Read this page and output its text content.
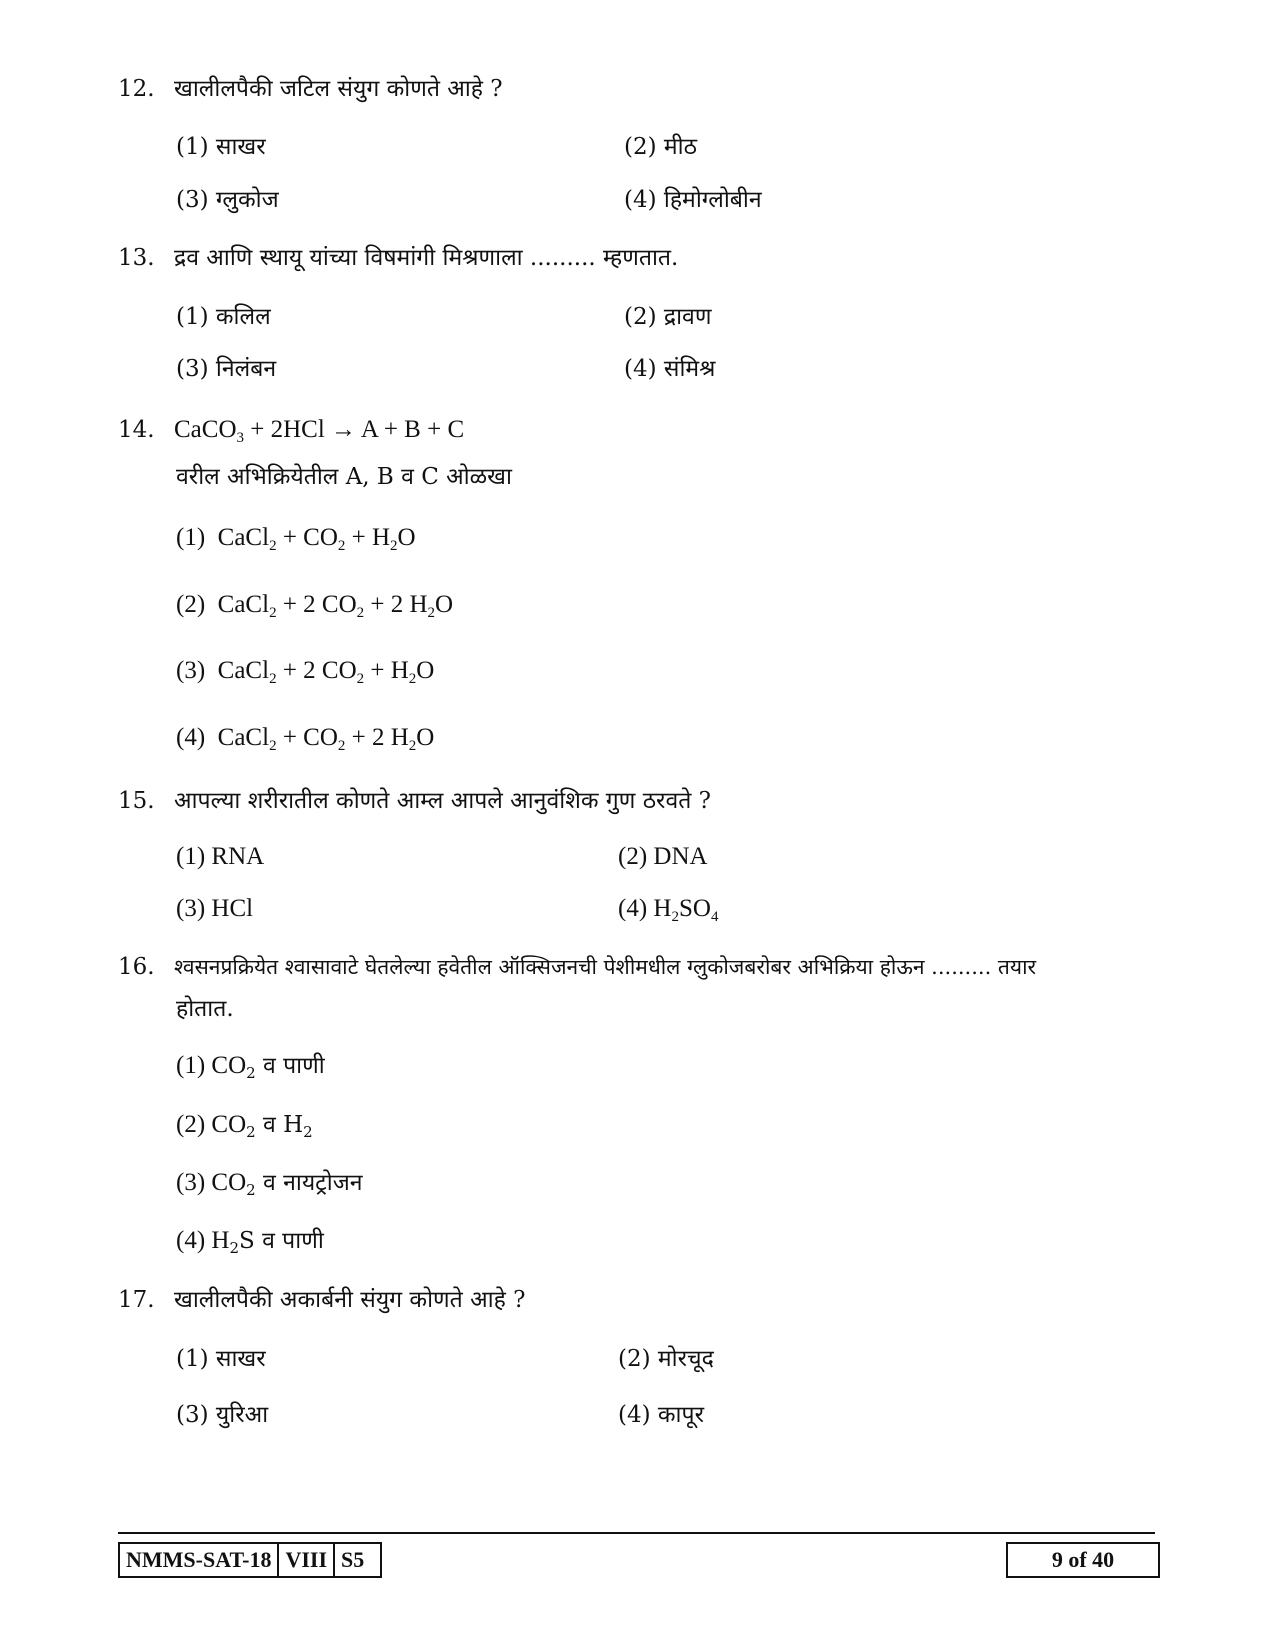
12. खालीलपैकी जटिल संयुग कोणते आहे ?
(1) साखर	(2) मीठ
(3) ग्लुकोज	(4) हिमोग्लोबीन
13. द्रव आणि स्थायू यांच्या विषमांगी मिश्रणाला ......... म्हणतात.
(1) कलिल	(2) द्रावण
(3) निलंबन	(4) संमिश्र
14. CaCO$_3$ + 2HCl → A + B + C
वरील अभिक्रियेतील A, B व C ओळखा
(1) CaCl$_2$ + $CO_2 + H_2O$
(2) CaCl$_2$ + 2 $CO_2 + 2$ $H_2O$
(3) CaCl$_2$ + 2 $CO_2 + H_2O$
(4) CaCl$_2$ + $CO_2 + 2$ $H_2O$
15. आपल्या शरीरातील कोणते आम्ल आपले आनुवंशिक गुण ठरवते ?
(1) RNA	(2) DNA
(3) HCl	(4) $H_2SO_4$
16. श्वसनप्रक्रियेत श्वासावाटे घेतलेल्या हवेतील ऑक्सिजनची पेशीमधील ग्लुकोजबरोबर अभिक्रिया होऊन ......... तयार
होतात.
(1) $CO_2$ व पाणी
(2) $CO_2$ व $H_2$
(3) $CO_2$ व नायट्रोजन
(4) $H_2S$ व पाणी
17. खालीलपैकी अकार्बनी संयुग कोणते आहे ?
(1) साखर	(2) मोरचूद
(3) युरिआ	(4) कापूर
NMMS-SAT-18 VIII S5	9 of 40
